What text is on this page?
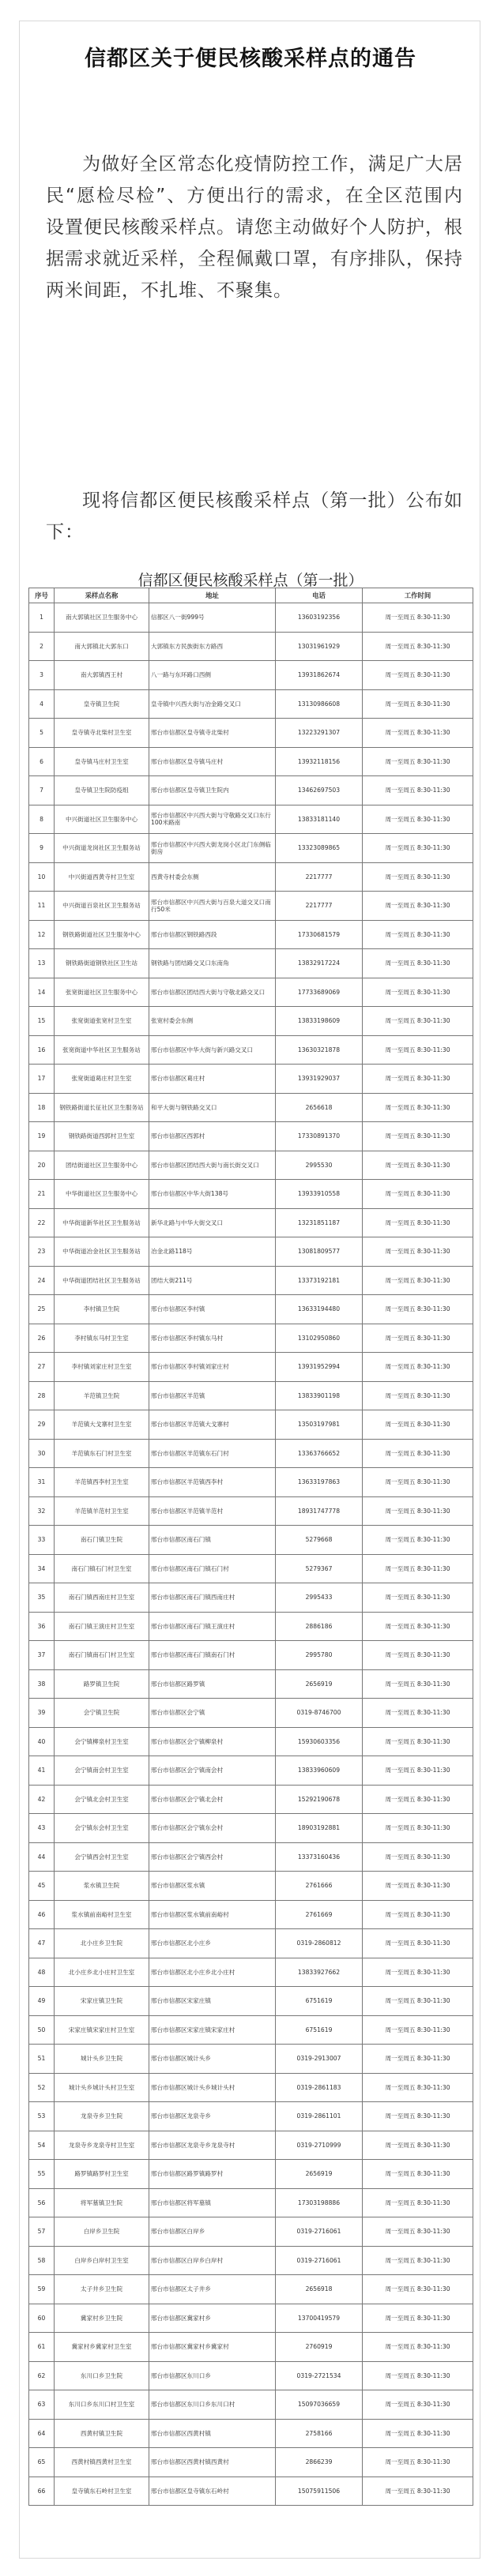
信都区关于便民核酸采样点的通告
为做好全区常态化疫情防控工作，满足广大居民“愿检尽检”、方便出行的需求，在全区范围内设置便民核酸采样点。请您主动做好个人防护，根据需求就近采样，全程佩戴口罩，有序排队，保持两米间距，不扎堆、不聚集。
现将信都区便民核酸采样点（第一批）公布如下：
信都区便民核酸采样点（第一批）
序号	采样点名称	地址	电话	工作时间
1	南大郭镇社区卫生服务中心	信都区八一街999号	13603192356	周一至周五 8:30-11:30
2	南大郭镇北大郭东口	大郭镇东方民族街东方路西	13031961929	周一至周五 8:30-11:30
3	南大郭镇西王村	八一路与东环路口西侧	13931862674	周一至周五 8:30-11:30
4	皇寺镇卫生院	皇寺镇中兴西大街与冶金路交叉口	13130986608	周一至周五 8:30-11:30
5	皇寺镇寺北柴村卫生室	邢台市信都区皇寺镇寺北柴村	13223291307	周一至周五 8:30-11:30
6	皇寺镇马庄村卫生室	邢台市信都区皇寺镇马庄村	13932118156	周一至周五 8:30-11:30
7	皇寺镇卫生院防疫组	邢台市信都区皇寺镇卫生院内	13462697503	周一至周五 8:30-11:30
8	中兴街道社区卫生服务中心	邢台市信都区中兴西大街与守敬路交叉口东行100米路南	13833181140	周一至周五 8:30-11:30
9	中兴街道龙岗社区卫生服务站	邢台市信都区中兴西大街龙岗小区北门东侧临街房	13323089865	周一至周五 8:30-11:30
10	中兴街道西黄寺村卫生室	西黄寺村委会东侧	2217777	周一至周五 8:30-11:30
11	中兴街道百泉社区卫生服务站	邢台市信都区中兴西大街与百泉大道交叉口南行50米	2217777	周一至周五 8:30-11:30
12	钢铁路街道社区卫生服务中心	邢台市信都区钢铁路西段	17330681579	周一至周五 8:30-11:30
13	钢铁路街道钢铁社区卫生站	钢铁路与团结路交叉口东南角	13832917224	周一至周五 8:30-11:30
14	张宽街道社区卫生服务中心	邢台市信都区团结西大街与守敬北路交叉口	17733689069	周一至周五 8:30-11:30
15	张宽街道张宽村卫生室	张宽村委会东侧	13833198609	周一至周五 8:30-11:30
16	张宽街道中华社区卫生服务站	邢台市信都区中华大街与新兴路交叉口	13630321878	周一至周五 8:30-11:30
17	张宽街道葛庄村卫生室	邢台市信都区葛庄村	13931929037	周一至周五 8:30-11:30
18	钢铁路街道长征社区卫生服务站	和平大街与钢铁路交叉口	2656618	周一至周五 8:30-11:30
19	钢铁路街道西郭村卫生室	邢台市信都区西郭村	17330891370	周一至周五 8:30-11:30
20	团结街道社区卫生服务中心	邢台市信都区团结西大街与南长街交叉口	2995530	周一至周五 8:30-11:30
21	中华街道社区卫生服务中心	邢台市信都区中华大街138号	13933910558	周一至周五 8:30-11:30
22	中华街道新华社区卫生服务站	新华北路与中华大街交叉口	13231851187	周一至周五 8:30-11:30
23	中华街道冶金社区卫生服务站	冶金北路118号	13081809577	周一至周五 8:30-11:30
24	中华街道团结社区卫生服务站	团结大街211号	13373192181	周一至周五 8:30-11:30
25	李村镇卫生院	邢台市信都区李村镇	13633194480	周一至周五 8:30-11:30
26	李村镇东马村卫生室	邢台市信都区李村镇东马村	13102950860	周一至周五 8:30-11:30
27	李村镇刘家庄村卫生室	邢台市信都区李村镇刘家庄村	13931952994	周一至周五 8:30-11:30
28	羊范镇卫生院	邢台市信都区羊范镇	13833901198	周一至周五 8:30-11:30
29	羊范镇大戈寨村卫生室	邢台市信都区羊范镇大戈寨村	13503197981	周一至周五 8:30-11:30
30	羊范镇东石门村卫生室	邢台市信都区羊范镇东石门村	13363766652	周一至周五 8:30-11:30
31	羊范镇西李村卫生室	邢台市信都区羊范镇西李村	13633197863	周一至周五 8:30-11:30
32	羊范镇羊范村卫生室	邢台市信都区羊范镇羊范村	18931747778	周一至周五 8:30-11:30
33	南石门镇卫生院	邢台市信都区南石门镇	5279668	周一至周五 8:30-11:30
34	南石门镇石门村卫生室	邢台市信都区南石门镇石门村	5279367	周一至周五 8:30-11:30
35	南石门镇西南庄村卫生室	邢台市信都区南石门镇西南庄村	2995433	周一至周五 8:30-11:30
36	南石门镇王演庄村卫生室	邢台市信都区南石门镇王演庄村	2886186	周一至周五 8:30-11:30
37	南石门镇南石门村卫生室	邢台市信都区南石门镇南石门村	2995780	周一至周五 8:30-11:30
38	路罗镇卫生院	邢台市信都区路罗镇	2656919	周一至周五 8:30-11:30
39	会宁镇卫生院	邢台市信都区会宁镇	0319-8746700	周一至周五 8:30-11:30
40	会宁镇柳泉村卫生室	邢台市信都区会宁镇柳泉村	15930603356	周一至周五 8:30-11:30
41	会宁镇南会村卫生室	邢台市信都区会宁镇南会村	13833960609	周一至周五 8:30-11:30
42	会宁镇北会村卫生室	邢台市信都区会宁镇北会村	15292190678	周一至周五 8:30-11:30
43	会宁镇东会村卫生室	邢台市信都区会宁镇东会村	18903192881	周一至周五 8:30-11:30
44	会宁镇西会村卫生室	邢台市信都区会宁镇西会村	13373160436	周一至周五 8:30-11:30
45	浆水镇卫生院	邢台市信都区浆水镇	2761666	周一至周五 8:30-11:30
46	浆水镇前南峪村卫生室	邢台市信都区浆水镇前南峪村	2761669	周一至周五 8:30-11:30
47	北小庄乡卫生院	邢台市信都区北小庄乡	0319-2860812	周一至周五 8:30-11:30
48	北小庄乡北小庄村卫生室	邢台市信都区北小庄乡北小庄村	13833927662	周一至周五 8:30-11:30
49	宋家庄镇卫生院	邢台市信都区宋家庄镇	6751619	周一至周五 8:30-11:30
50	宋家庄镇宋家庄村卫生室	邢台市信都区宋家庄镇宋家庄村	6751619	周一至周五 8:30-11:30
51	城计头乡卫生院	邢台市信都区城计头乡	0319-2913007	周一至周五 8:30-11:30
52	城计头乡城计头村卫生室	邢台市信都区城计头乡城计头村	0319-2861183	周一至周五 8:30-11:30
53	龙泉寺乡卫生院	邢台市信都区龙泉寺乡	0319-2861101	周一至周五 8:30-11:30
54	龙泉寺乡龙泉寺村卫生室	邢台市信都区龙泉寺乡龙泉寺村	0319-2710999	周一至周五 8:30-11:30
55	路罗镇路罗村卫生室	邢台市信都区路罗镇路罗村	2656919	周一至周五 8:30-11:30
56	将军墓镇卫生院	邢台市信都区将军墓镇	17303198886	周一至周五 8:30-11:30
57	白岸乡卫生院	邢台市信都区白岸乡	0319-2716061	周一至周五 8:30-11:30
58	白岸乡白岸村卫生室	邢台市信都区白岸乡白岸村	0319-2716061	周一至周五 8:30-11:30
59	太子井乡卫生院	邢台市信都区太子井乡	2656918	周一至周五 8:30-11:30
60	冀家村乡卫生院	邢台市信都区冀家村乡	13700419579	周一至周五 8:30-11:30
61	冀家村乡冀家村卫生室	邢台市信都区冀家村乡冀家村	2760919	周一至周五 8:30-11:30
62	东川口乡卫生院	邢台市信都区东川口乡	0319-2721534	周一至周五 8:30-11:30
63	东川口乡东川口村卫生室	邢台市信都区东川口乡东川口村	15097036659	周一至周五 8:30-11:30
64	西黄村镇卫生院	邢台市信都区西黄村镇	2758166	周一至周五 8:30-11:30
65	西黄村镇西黄村卫生室	邢台市信都区西黄村镇西黄村	2866239	周一至周五 8:30-11:30
66	皇寺镇东石岭村卫生室	邢台市信都区皇寺镇东石岭村	15075911506	周一至周五 8:30-11:30
